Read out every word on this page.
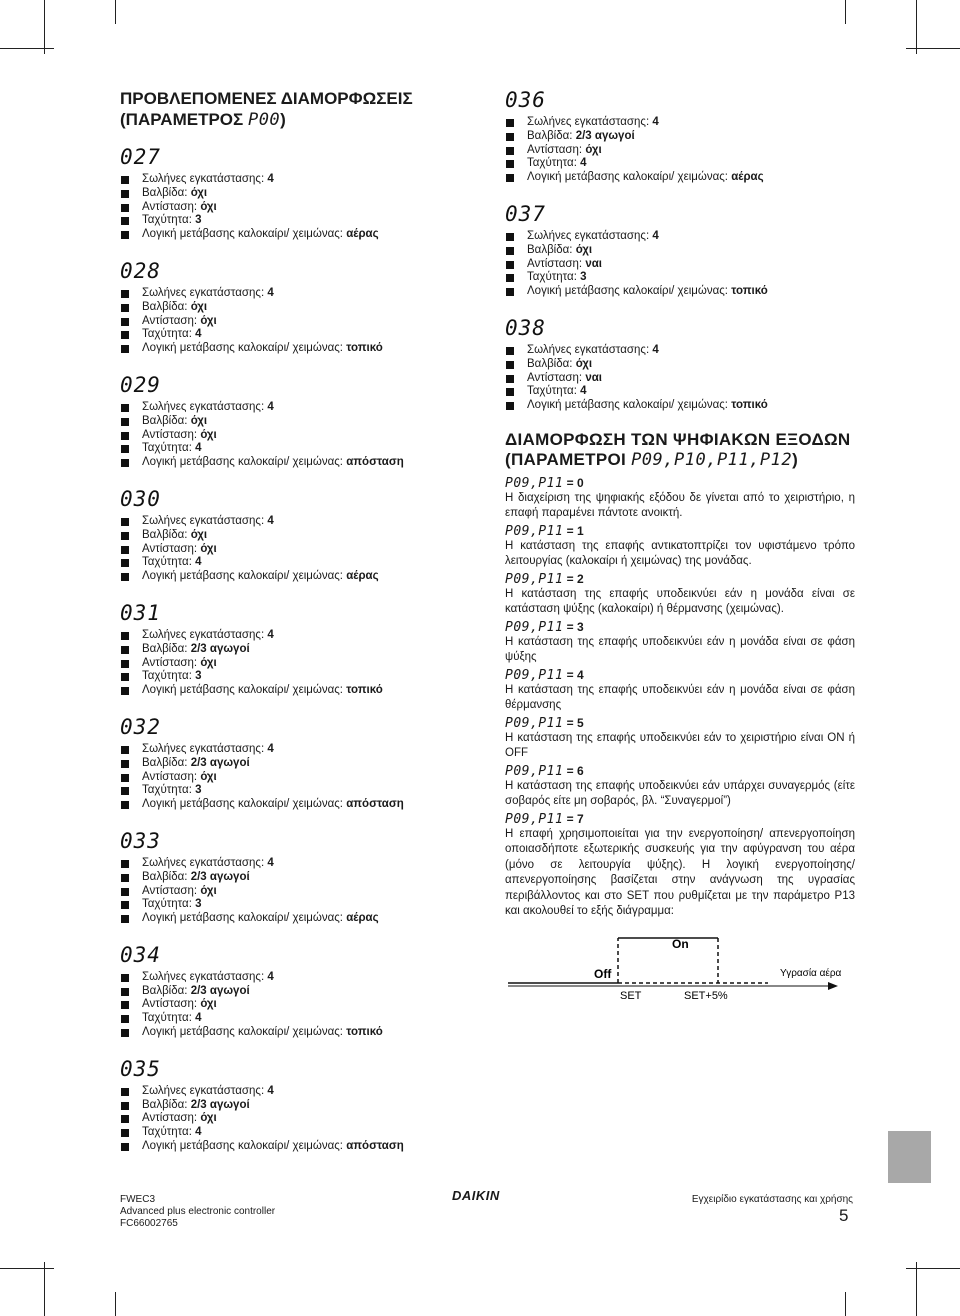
ΠΡΟΒΛΕΠΟΜΕΝΕΣ ΔΙΑΜΟΡΦΩΣΕΙΣ
(ΠΑΡΑΜΕΤΡΟΣ P00)
027
Σωλήνες εγκατάστασης: 4
Βαλβίδα: όχι
Αντίσταση: όχι
Ταχύτητα: 3
Λογική μετάβασης καλοκαίρι/ χειμώνας: αέρας
028
Σωλήνες εγκατάστασης: 4
Βαλβίδα: όχι
Αντίσταση: όχι
Ταχύτητα: 4
Λογική μετάβασης καλοκαίρι/ χειμώνας: τοπικό
029
Σωλήνες εγκατάστασης: 4
Βαλβίδα: όχι
Αντίσταση: όχι
Ταχύτητα: 4
Λογική μετάβασης καλοκαίρι/ χειμώνας: απόσταση
030
Σωλήνες εγκατάστασης: 4
Βαλβίδα: όχι
Αντίσταση: όχι
Ταχύτητα: 4
Λογική μετάβασης καλοκαίρι/ χειμώνας: αέρας
031
Σωλήνες εγκατάστασης: 4
Βαλβίδα: 2/3 αγωγοί
Αντίσταση: όχι
Ταχύτητα: 3
Λογική μετάβασης καλοκαίρι/ χειμώνας: τοπικό
032
Σωλήνες εγκατάστασης: 4
Βαλβίδα: 2/3 αγωγοί
Αντίσταση: όχι
Ταχύτητα: 3
Λογική μετάβασης καλοκαίρι/ χειμώνας: απόσταση
033
Σωλήνες εγκατάστασης: 4
Βαλβίδα: 2/3 αγωγοί
Αντίσταση: όχι
Ταχύτητα: 3
Λογική μετάβασης καλοκαίρι/ χειμώνας: αέρας
034
Σωλήνες εγκατάστασης: 4
Βαλβίδα: 2/3 αγωγοί
Αντίσταση: όχι
Ταχύτητα: 4
Λογική μετάβασης καλοκαίρι/ χειμώνας: τοπικό
035
Σωλήνες εγκατάστασης: 4
Βαλβίδα: 2/3 αγωγοί
Αντίσταση: όχι
Ταχύτητα: 4
Λογική μετάβασης καλοκαίρι/ χειμώνας: απόσταση
036
Σωλήνες εγκατάστασης: 4
Βαλβίδα: 2/3 αγωγοί
Αντίσταση: όχι
Ταχύτητα: 4
Λογική μετάβασης καλοκαίρι/ χειμώνας: αέρας
037
Σωλήνες εγκατάστασης: 4
Βαλβίδα: όχι
Αντίσταση: ναι
Ταχύτητα: 3
Λογική μετάβασης καλοκαίρι/ χειμώνας: τοπικό
038
Σωλήνες εγκατάστασης: 4
Βαλβίδα: όχι
Αντίσταση: ναι
Ταχύτητα: 4
Λογική μετάβασης καλοκαίρι/ χειμώνας: τοπικό
ΔΙΑΜΟΡΦΩΣΗ ΤΩΝ ΨΗΦΙΑΚΩΝ ΕΞΟΔΩΝ
(ΠΑΡΑΜΕΤΡΟΙ P09,P10,P11,P12)
P09,P11 = 0
Η διαχείριση της ψηφιακής εξόδου δε γίνεται από το χειριστήριο, η επαφή παραμένει πάντοτε ανοικτή.
P09,P11 = 1
Η κατάσταση της επαφής αντικατοπτρίζει τον υφιστάμενο τρόπο λειτουργίας (καλοκαίρι ή χειμώνας) της μονάδας.
P09,P11 = 2
Η κατάσταση της επαφής υποδεικνύει εάν η μονάδα είναι σε κατάσταση ψύξης (καλοκαίρι) ή θέρμανσης (χειμώνας).
P09,P11 = 3
Η κατάσταση της επαφής υποδεικνύει εάν η μονάδα είναι σε φάση ψύξης
P09,P11 = 4
Η κατάσταση της επαφής υποδεικνύει εάν η μονάδα είναι σε φάση θέρμανσης
P09,P11 = 5
Η κατάσταση της επαφής υποδεικνύει εάν το χειριστήριο είναι ON ή OFF
P09,P11 = 6
Η κατάσταση της επαφής υποδεικνύει εάν υπάρχει συναγερμός (είτε σοβαρός είτε μη σοβαρός, βλ. “Συναγερμοί”)
P09,P11 = 7
Η επαφή χρησιμοποιείται για την ενεργοποίηση/ απενεργοποίηση οποιασδήποτε εξωτερικής συσκευής για την αφύγρανση του αέρα (μόνο σε λειτουργία ψύξης). Η λογική ενεργοποίησης/ απενεργοποίησης βασίζεται στην ανάγνωση της υγρασίας περιβάλλοντος και στο SET που ρυθμίζεται με την παράμετρο P13 και ακολουθεί το εξής διάγραμμα:
On
Off
SET	SET+5%
Υγρασία αέρα
FWEC3
Advanced plus electronic controller
FC66002765
DAIKIN	Εγχειρίδιο εγκατάστασης και χρήσης
5
